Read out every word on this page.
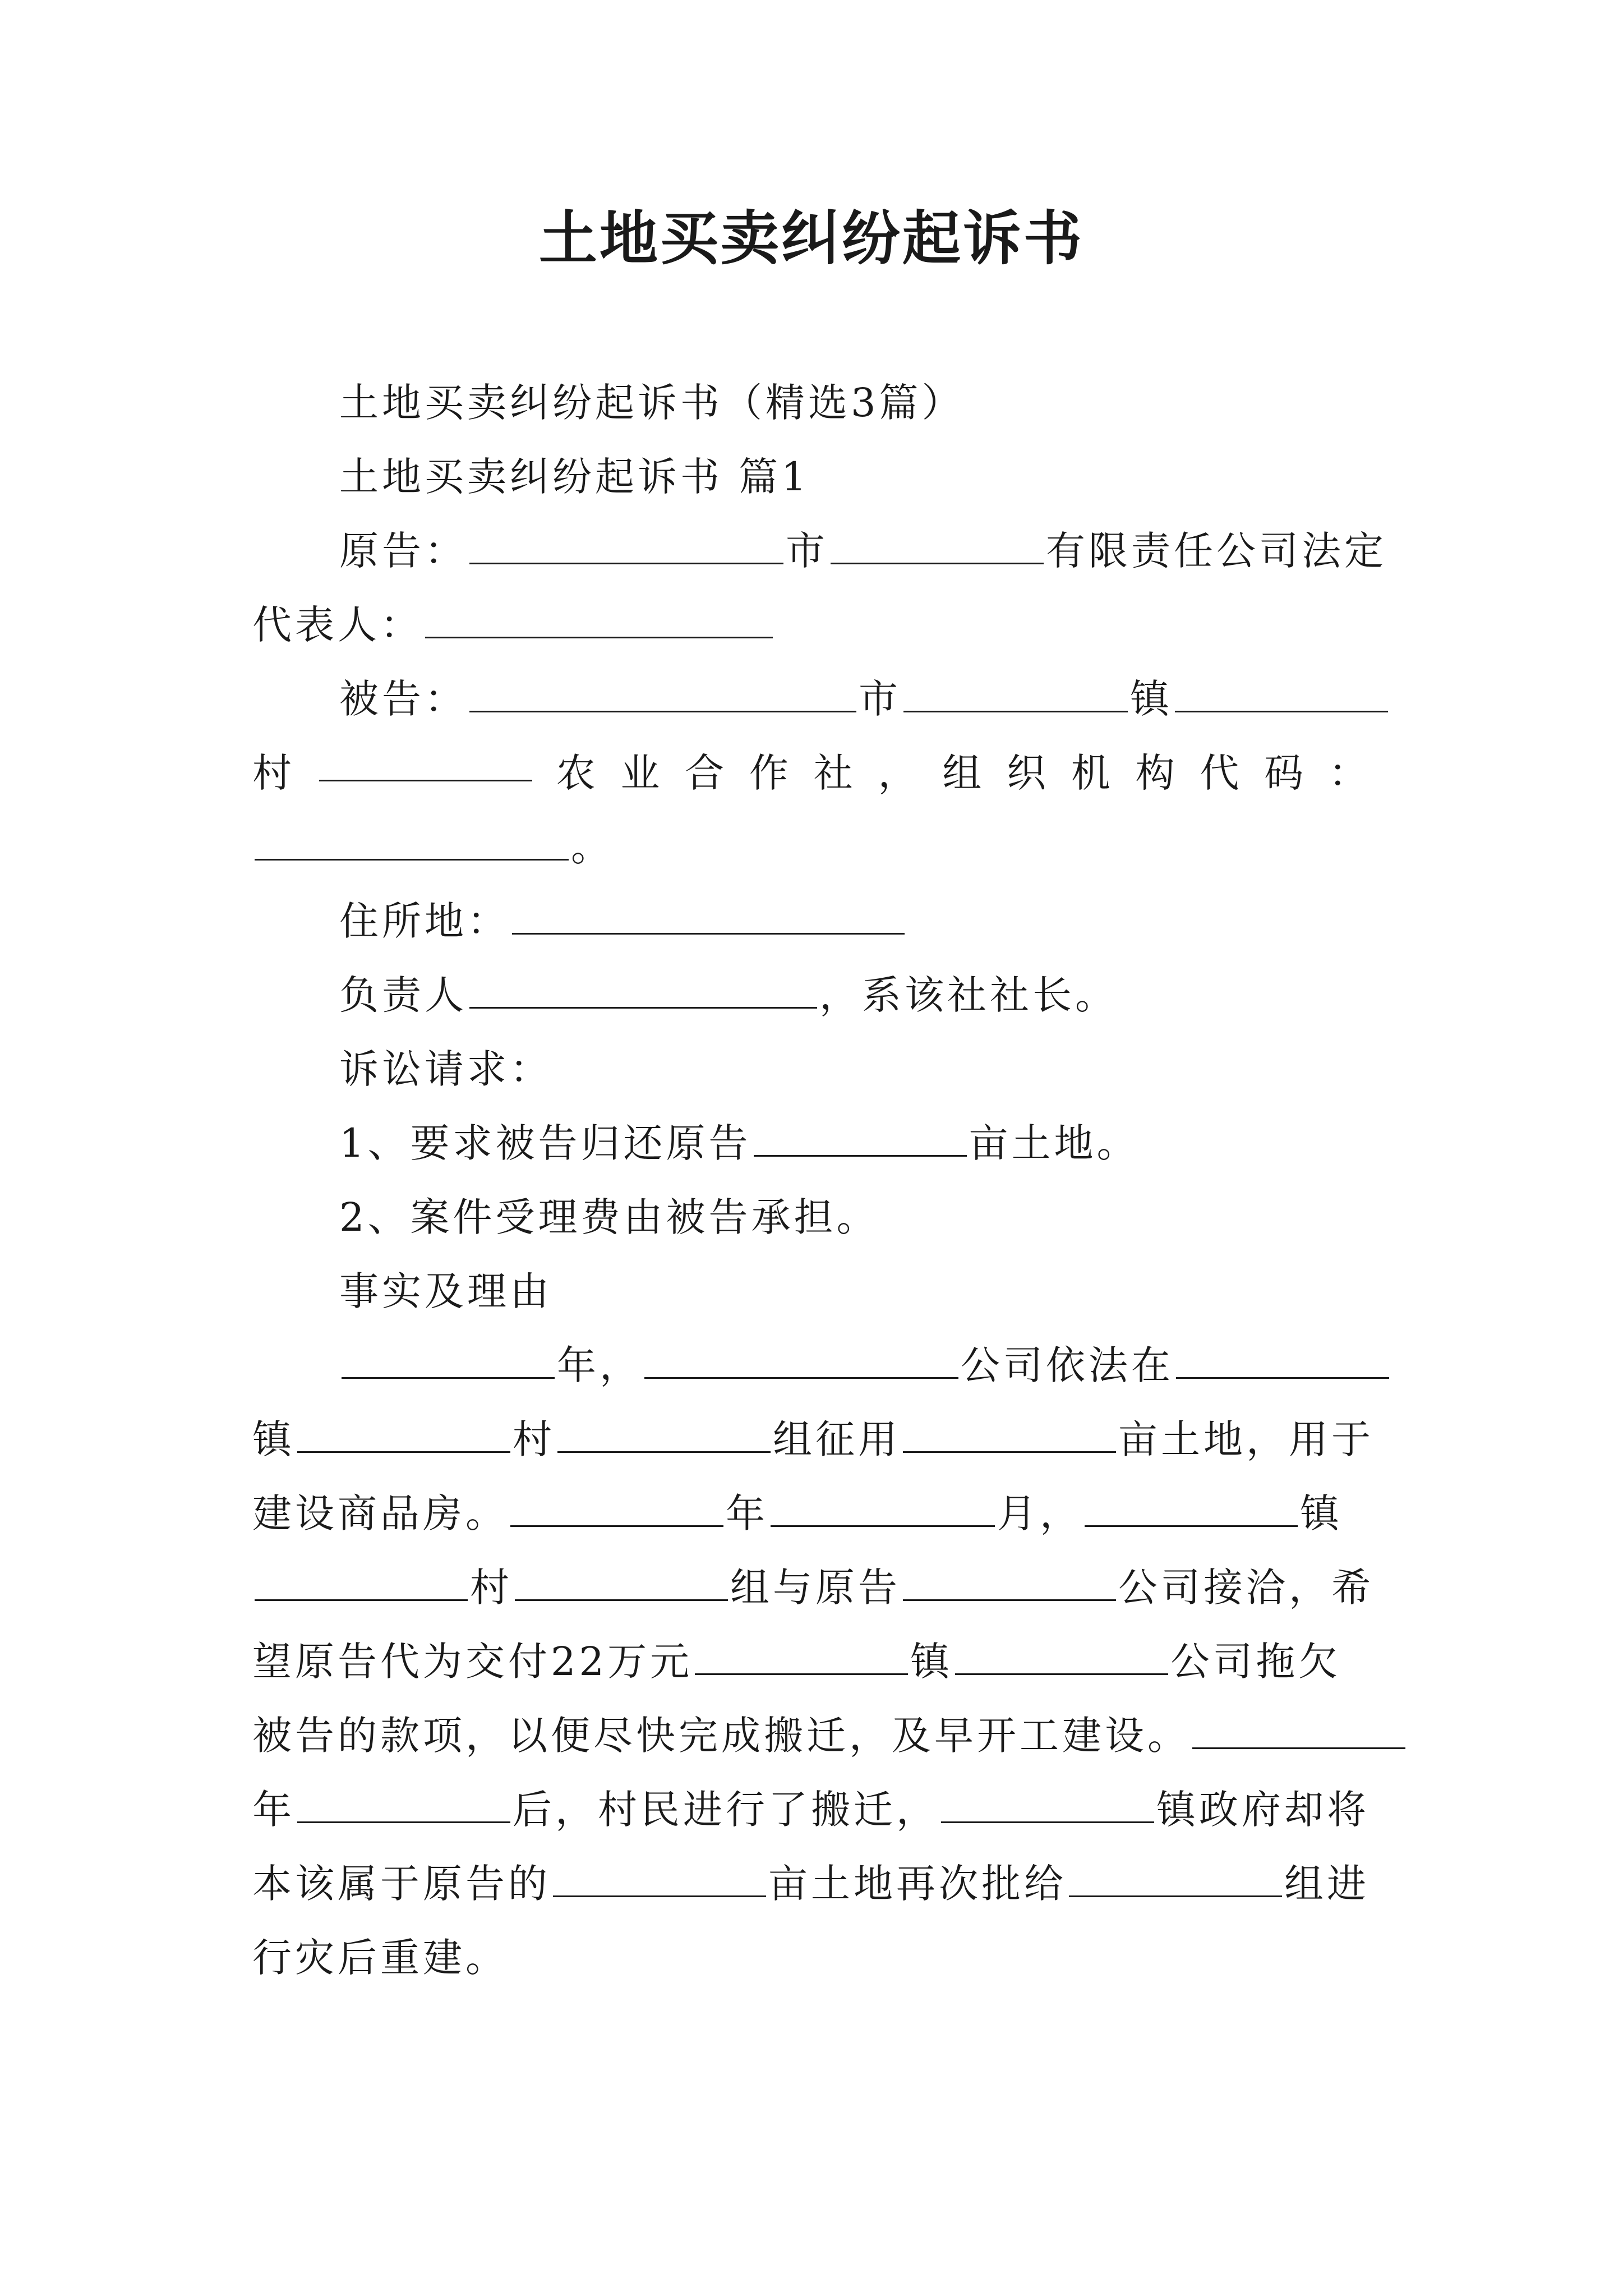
土地买卖纠纷起诉书
土地买卖纠纷起诉书（精选3篇）
土地买卖纠纷起诉书 篇1
原告：	市	有限责任公司法定
代表人：
被告：	市	镇
村	农 业 合 作 社 ， 组 织 机 构 代 码 ：
。
住所地：
负责人	，系该社社长。
诉讼请求：
1、要求被告归还原告	亩土地。
2、案件受理费由被告承担。
事实及理由
年，	公司依法在
镇	村	组征用	亩土地，用于
建设商品房。	年	月，	镇
村	组与原告	公司接洽，希
望原告代为交付22万元	镇	公司拖欠
被告的款项，以便尽快完成搬迁，及早开工建设。
年	后，村民进行了搬迁，	镇政府却将
本该属于原告的	亩土地再次批给	组进
行灾后重建。
